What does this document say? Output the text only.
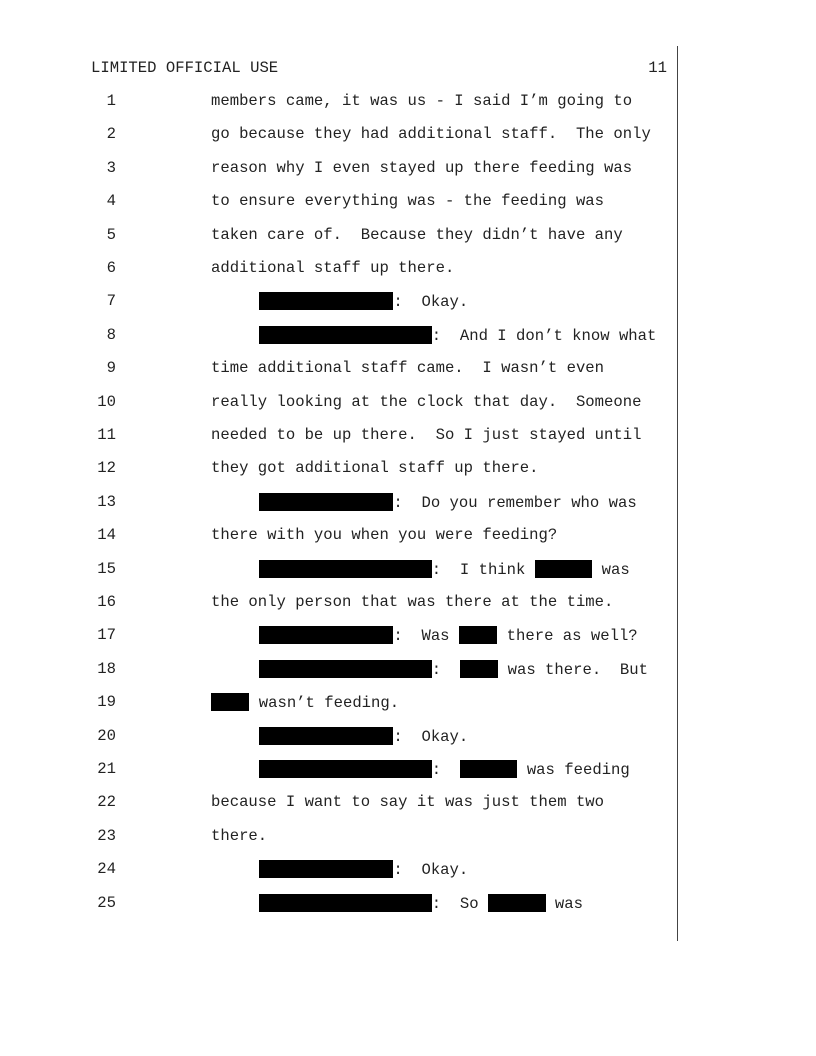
LIMITED OFFICIAL USE	11
1	members came, it was us - I said I’m going to
2	go because they had additional staff.  The only
3	reason why I even stayed up there feeding was
4	to ensure everything was - the feeding was
5	taken care of.  Because they didn’t have any
6	additional staff up there.
7	:  Okay.
8	:  And I don’t know what
9	time additional staff came.  I wasn’t even
10	really looking at the clock that day.  Someone
11	needed to be up there.  So I just stayed until
12	they got additional staff up there.
13	:  Do you remember who was
14	there with you when you were feeding?
15	:  I think	was
16	the only person that was there at the time.
17	:  Was  there as well?
18	:   was there.  But
19	wasn’t feeding.
20	:  Okay.
21	:	was feeding
22	because I want to say it was just them two
23	there.
24	:  Okay.
25	:  So	was
